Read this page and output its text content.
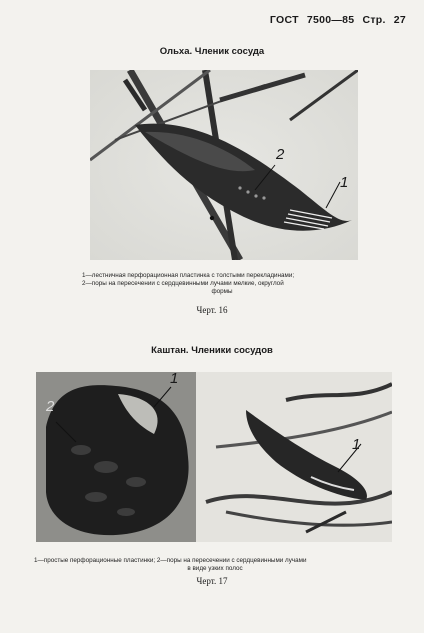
ГОСТ 7500—85 Стр. 27
Ольха. Членик сосуда
2
1
1—лестничная перфорационная пластинка с толстыми перекладинами;
2—поры на пересечении с сердцевинными лучами мелкие, округлой
формы
Черт. 16
Каштан. Членики сосудов
1
2
1
1—простые перфорационные пластинки; 2—поры на пересечении с сердцевинными лучами
в виде узких полос
Черт. 17
